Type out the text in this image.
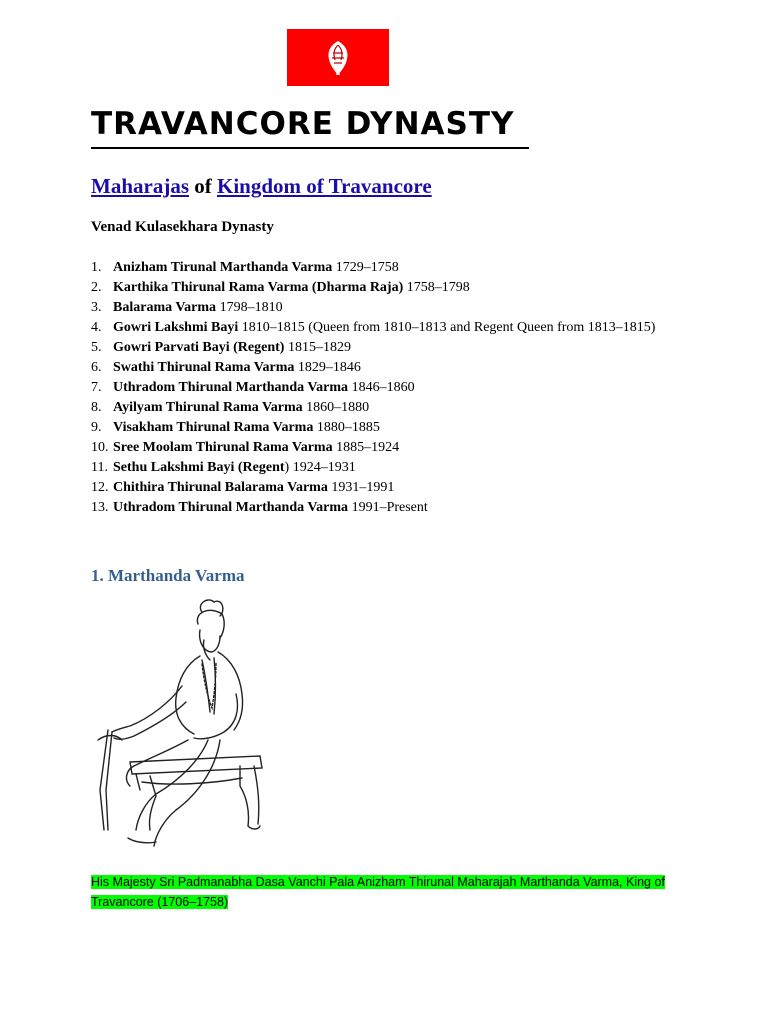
TRAVANCORE DYNASTY
Maharajas of Kingdom of Travancore

Venad Kulasekhara Dynasty

1. Anizham Tirunal Marthanda Varma 1729–1758
2. Karthika Thirunal Rama Varma (Dharma Raja) 1758–1798
3. Balarama Varma 1798–1810
4. Gowri Lakshmi Bayi 1810–1815 (Queen from 1810–1813 and Regent Queen from 1813–1815)
5. Gowri Parvati Bayi (Regent) 1815–1829
6. Swathi Thirunal Rama Varma 1829–1846
7. Uthradom Thirunal Marthanda Varma 1846–1860
8. Ayilyam Thirunal Rama Varma 1860–1880
9. Visakham Thirunal Rama Varma 1880–1885
10. Sree Moolam Thirunal Rama Varma 1885–1924
11. Sethu Lakshmi Bayi (Regent) 1924–1931
12. Chithira Thirunal Balarama Varma 1931–1991
13. Uthradom Thirunal Marthanda Varma 1991–Present
1. Marthanda Varma

His Majesty Sri Padmanabha Dasa Vanchi Pala Anizham Thirunal Maharajah Marthanda Varma, King of Travancore (1706–1758)
